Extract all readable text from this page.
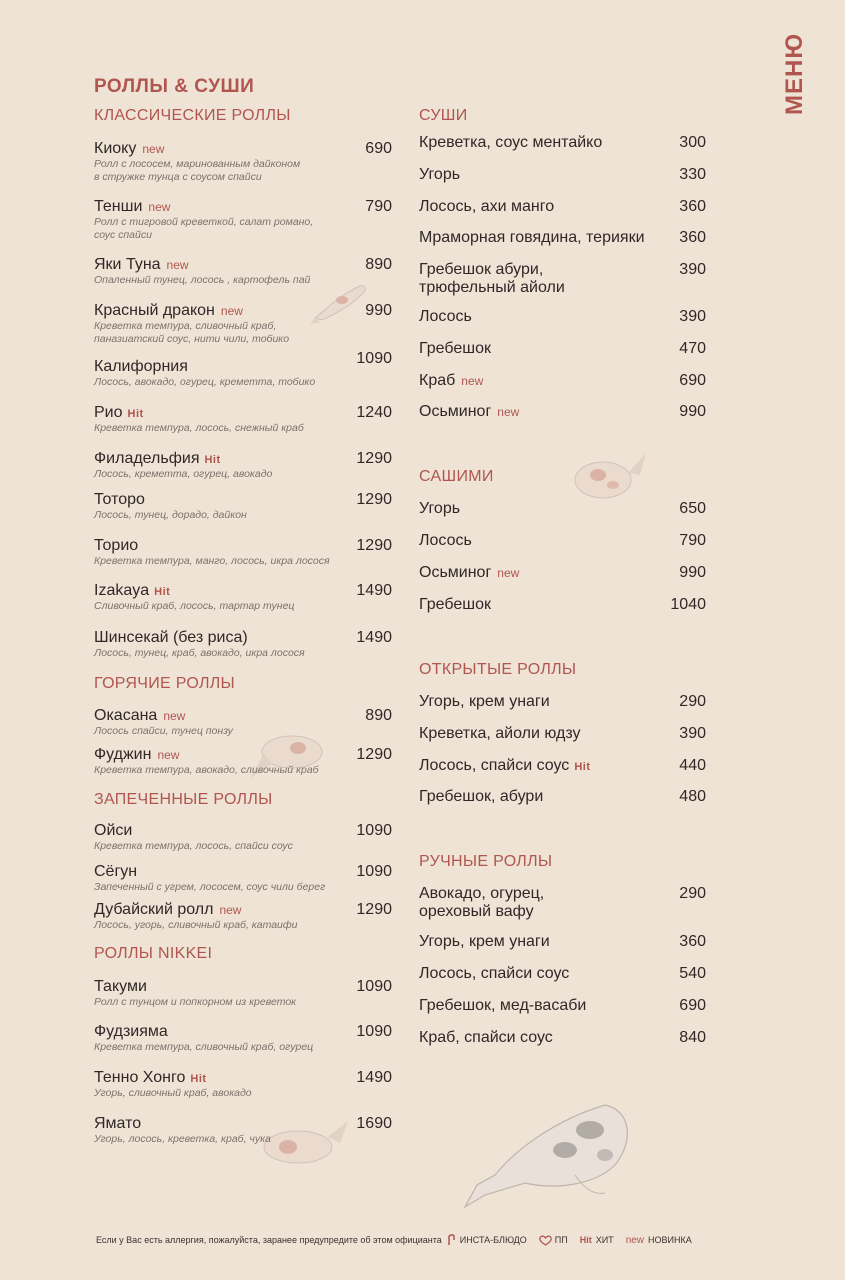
РОЛЛЫ & СУШИ	МЕНЮ
КЛАССИЧЕСКИЕ РОЛЛЫ
Киоку new
Ролл с лососем, маринованным дайконом
в стружке тунца с соусом спайси
690
Тенши new
Ролл с тигровой креветкой, салат романо,
соус спайси
790
Яки Туна new
Опаленный тунец, лосось , картофель пай
890
Красный дракон new
Креветка темпура, сливочный краб,
паназиатский соус, нити чили, тобико
990
Калифорния
Лосось, авокадо, огурец, креметта, тобико
1090
Рио Hit
Креветка темпура, лосось, снежный краб
1240
Филадельфия Hit
Лосось, креметта, огурец, авокадо
1290
Тоторо
Лосось, тунец, дорадо, дайкон
1290
Торио
Креветка темпура, манго, лосось, икра лосося
1290
Izakaya Hit
Сливочный краб, лосось, тартар тунец
1490
Шинсекай (без риса)
Лосось, тунец, краб, авокадо, икра лосося
1490
Окасана new
Лосось спайси, тунец понзу
890
Фуджин new
Креветка темпура, авокадо, сливочный краб
1290
Ойси
Креветка темпура, лосось, спайси соус
1090
Сёгун
Запеченный с угрем, лососем, соус чили берег
1090
Дубайский ролл new
Лосось, угорь, сливочный краб, катаифи
1290
Такуми
Ролл с тунцом и попкорном из креветок
1090
Фудзияма
Креветка темпура, сливочный краб, огурец
1090
Тенно Хонго Hit
Угорь, сливочный краб, авокадо
1490
Ямато
Угорь, лосось, креветка, краб, чука
1690
ГОРЯЧИЕ РОЛЛЫ
ЗАПЕЧЕННЫЕ РОЛЛЫ
РОЛЛЫ NIKKEI
СУШИ
САШИМИ
ОТКРЫТЫЕ РОЛЛЫ
РУЧНЫЕ РОЛЛЫ
Креветка, соус ментайко	300
Угорь	330
Лосось, ахи манго	360
Мраморная говядина, терияки	360
Гребешок абури,
трюфельный айоли
390
Лосось	390
Гребешок	470
Краб new	690
Осьминог new	990
Угорь	650
Лосось	790
Осьминог new	990
Гребешок	1040
Угорь, крем унаги	290
Креветка, айоли юдзу	390
Лосось, спайси соус Hit	440
Гребешок, абури	480
Авокадо, огурец,
ореховый вафу
290
Угорь, крем унаги	360
Лосось, спайси соус	540
Гребешок, мед-васаби	690
Краб, спайси соус	840
Если у Вас есть аллергия, пожалуйста, заранее предупредите об этом официанта ИНСТА-БЛЮДО	ПП Hit ХИТ new НОВИНКА
